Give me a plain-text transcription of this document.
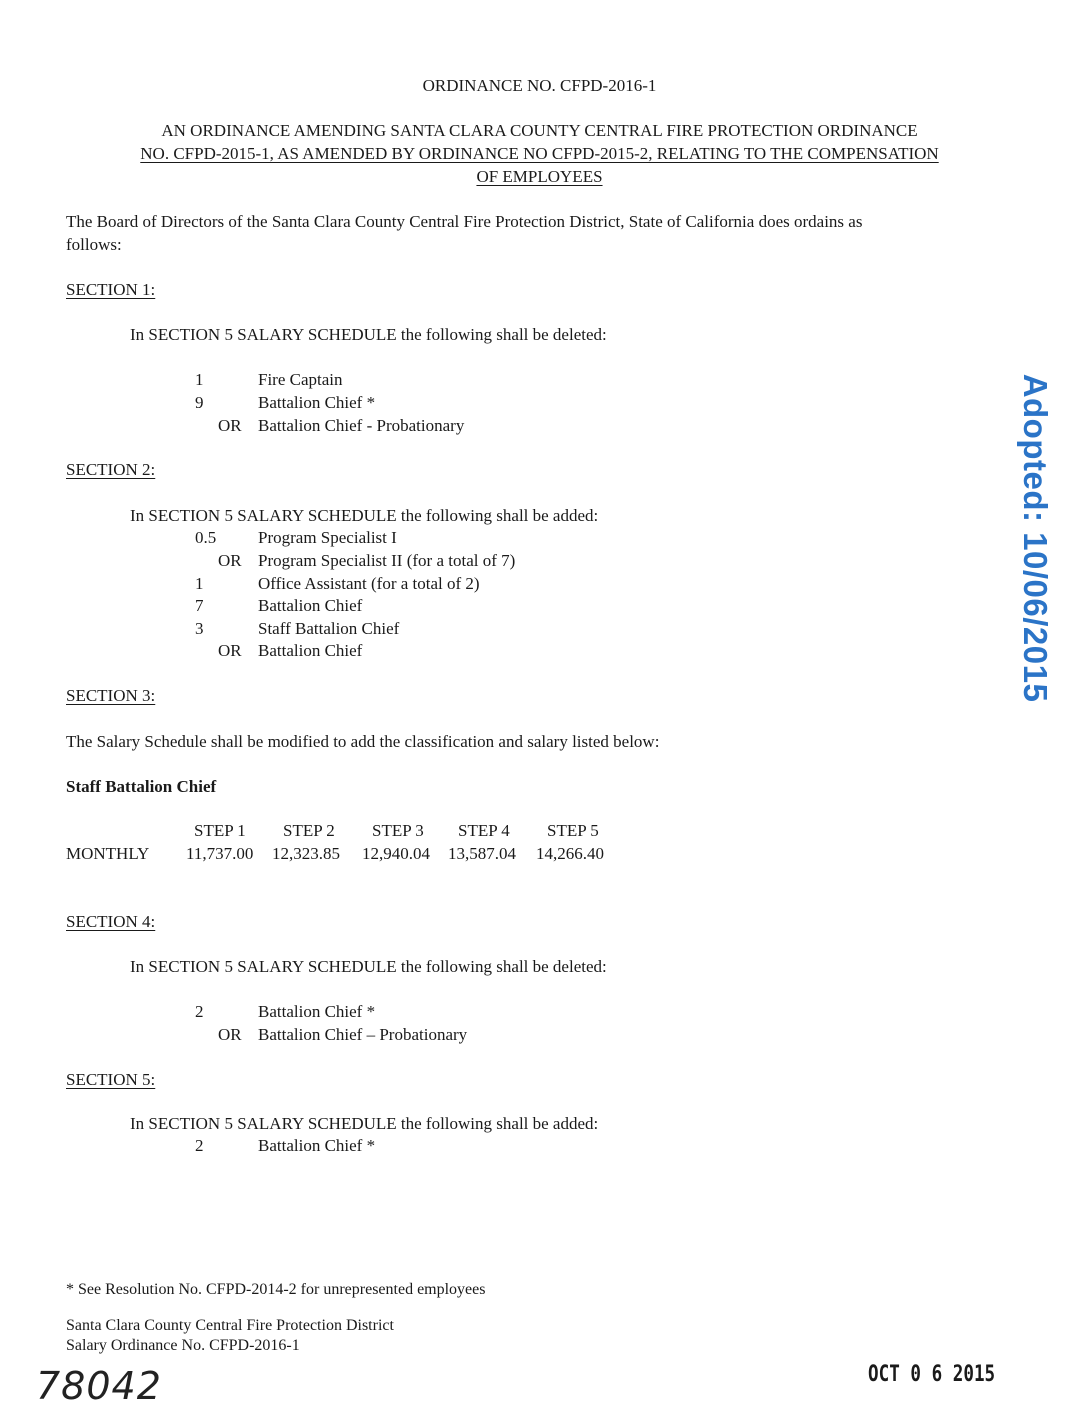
ORDINANCE NO. CFPD-2016-1
AN ORDINANCE AMENDING SANTA CLARA COUNTY CENTRAL FIRE PROTECTION ORDINANCE
NO. CFPD-2015-1, AS AMENDED BY ORDINANCE NO CFPD-2015-2, RELATING TO THE COMPENSATION
OF EMPLOYEES
The Board of Directors of the Santa Clara County Central Fire Protection District, State of California does ordains as
follows:
SECTION 1:
In SECTION 5 SALARY SCHEDULE the following shall be deleted:
1	Fire Captain
9	Battalion Chief *
OR Battalion Chief - Probationary
SECTION 2:
In SECTION 5 SALARY SCHEDULE the following shall be added:
0.5 Program Specialist I
OR Program Specialist II (for a total of 7)
1	Office Assistant (for a total of 2)
7	Battalion Chief
3	Staff Battalion Chief
OR Battalion Chief
SECTION 3:
The Salary Schedule shall be modified to add the classification and salary listed below:
Staff Battalion Chief
STEP 1 STEP 2 STEP 3 STEP 4 STEP 5
MONTHLY 11,737.00 12,323.85 12,940.04 13,587.04 14,266.40
SECTION 4:
In SECTION 5 SALARY SCHEDULE the following shall be deleted:
2	Battalion Chief *
OR Battalion Chief – Probationary
SECTION 5:
In SECTION 5 SALARY SCHEDULE the following shall be added:
2	Battalion Chief *
* See Resolution No. CFPD-2014-2 for unrepresented employees
Santa Clara County Central Fire Protection District
Salary Ordinance No. CFPD-2016-1
78042	OCT 0 6 2015
Adopted: 10/06/2015
